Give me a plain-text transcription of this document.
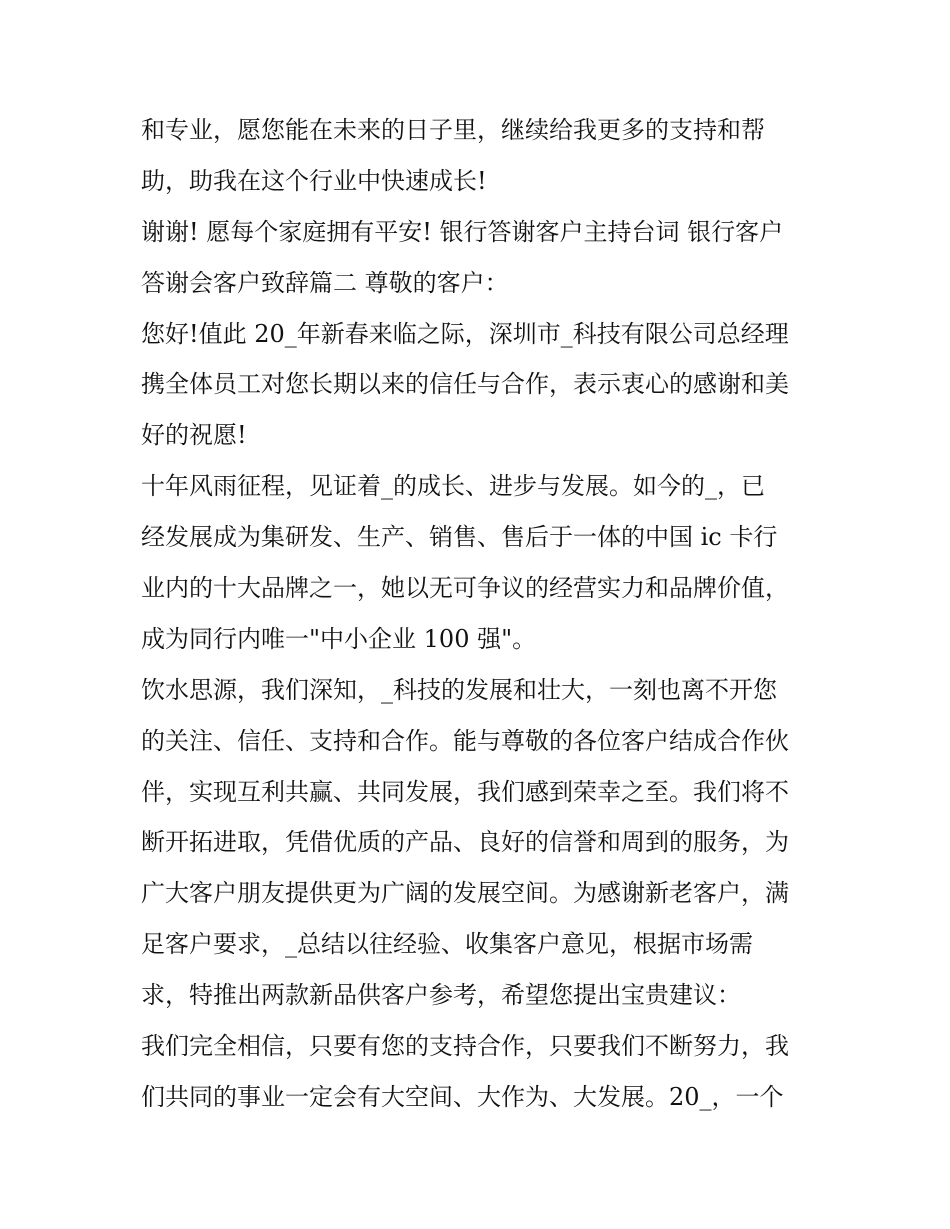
和专业，愿您能在未来的日子里，继续给我更多的支持和帮
助，助我在这个行业中快速成长!
谢谢! 愿每个家庭拥有平安! 银行答谢客户主持台词 银行客户
答谢会客户致辞篇二 尊敬的客户：
您好!值此 20_年新春来临之际，深圳市_科技有限公司总经理
携全体员工对您长期以来的信任与合作，表示衷心的感谢和美
好的祝愿!
十年风雨征程，见证着_的成长、进步与发展。如今的_，已
经发展成为集研发、生产、销售、售后于一体的中国 ic 卡行
业内的十大品牌之一，她以无可争议的经营实力和品牌价值，
成为同行内唯一"中小企业 100 强"。
饮水思源，我们深知，_科技的发展和壮大，一刻也离不开您
的关注、信任、支持和合作。能与尊敬的各位客户结成合作伙
伴，实现互利共赢、共同发展，我们感到荣幸之至。我们将不
断开拓进取，凭借优质的产品、良好的信誉和周到的服务，为
广大客户朋友提供更为广阔的发展空间。为感谢新老客户，满
足客户要求，_总结以往经验、收集客户意见，根据市场需
求，特推出两款新品供客户参考，希望您提出宝贵建议：
我们完全相信，只要有您的支持合作，只要我们不断努力，我
们共同的事业一定会有大空间、大作为、大发展。20_，一个
